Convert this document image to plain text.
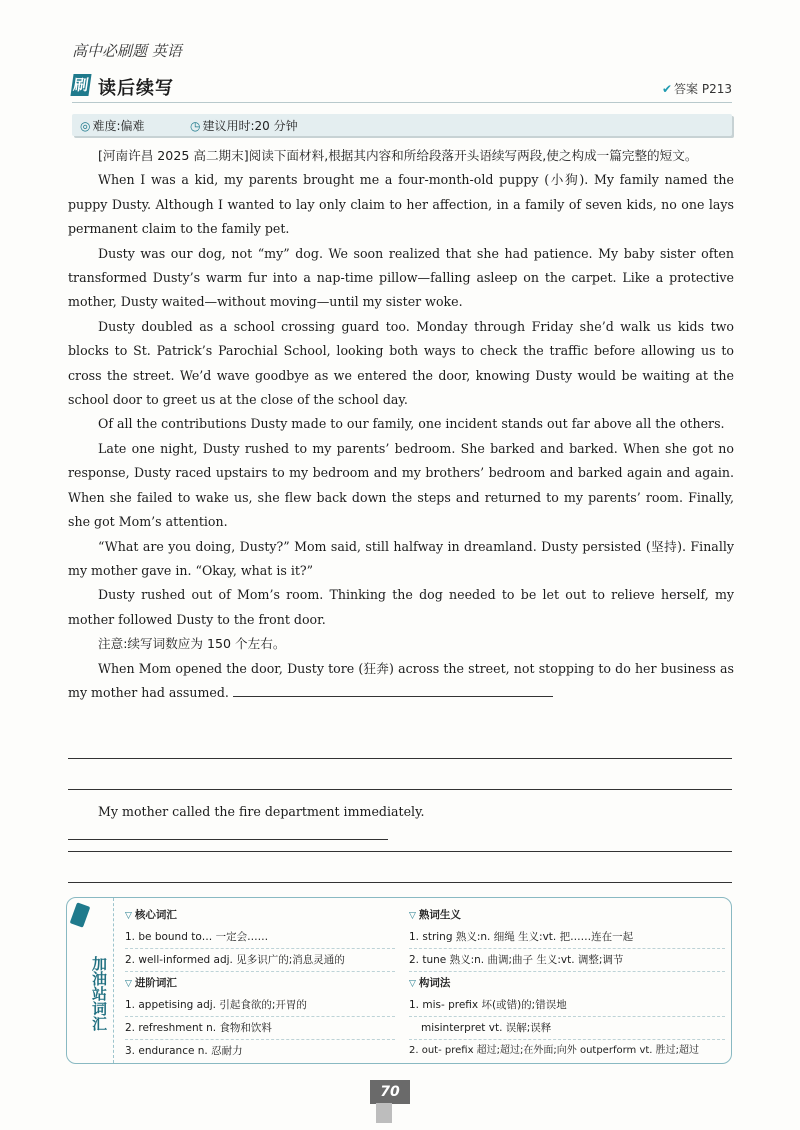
高中必刷题 英语
刷 读后续写	✔ 答案 P213
◎ 难度:偏难	◷ 建议用时:20 分钟

[河南许昌 2025 高二期末]阅读下面材料,根据其内容和所给段落开头语续写两段,使之构成一篇完整的短文。

When I was a kid, my parents brought me a four-month-old puppy (小狗). My family named the puppy Dusty. Although I wanted to lay only claim to her affection, in a family of seven kids, no one lays permanent claim to the family pet.

Dusty was our dog, not “my” dog. We soon realized that she had patience. My baby sister often transformed Dusty’s warm fur into a nap-time pillow—falling asleep on the carpet. Like a protective mother, Dusty waited—without moving—until my sister woke.

Dusty doubled as a school crossing guard too. Monday through Friday she’d walk us kids two blocks to St. Patrick’s Parochial School, looking both ways to check the traffic before allowing us to cross the street. We’d wave goodbye as we entered the door, knowing Dusty would be waiting at the school door to greet us at the close of the school day.

Of all the contributions Dusty made to our family, one incident stands out far above all the others.

Late one night, Dusty rushed to my parents’ bedroom. She barked and barked. When she got no response, Dusty raced upstairs to my bedroom and my brothers’ bedroom and barked again and again. When she failed to wake us, she flew back down the steps and returned to my parents’ room. Finally, she got Mom’s attention.

“What are you doing, Dusty?” Mom said, still halfway in dreamland. Dusty persisted (坚持). Finally my mother gave in. “Okay, what is it?”

Dusty rushed out of Mom’s room. Thinking the dog needed to be let out to relieve herself, my mother followed Dusty to the front door.

注意:续写词数应为 150 个左右。

When Mom opened the door, Dusty tore (狂奔) across the street, not stopping to do her business as my mother had assumed.

My mother called the fire department immediately.
加油站词汇
▽ 核心词汇
1. be bound to… 一定会……
2. well-informed adj. 见多识广的;消息灵通的
▽ 进阶词汇
1. appetising adj. 引起食欲的;开胃的
2. refreshment n. 食物和饮料
3. endurance n. 忍耐力
▽ 熟词生义
1. string 熟义:n. 细绳 生义:vt. 把……连在一起
2. tune 熟义:n. 曲调;曲子 生义:vt. 调整;调节
▽ 构词法
1. mis- prefix 坏(或错)的;错误地
misinterpret vt. 误解;误释
2. out- prefix 超过;超过;在外面;向外 outperform vt. 胜过;超过
70
